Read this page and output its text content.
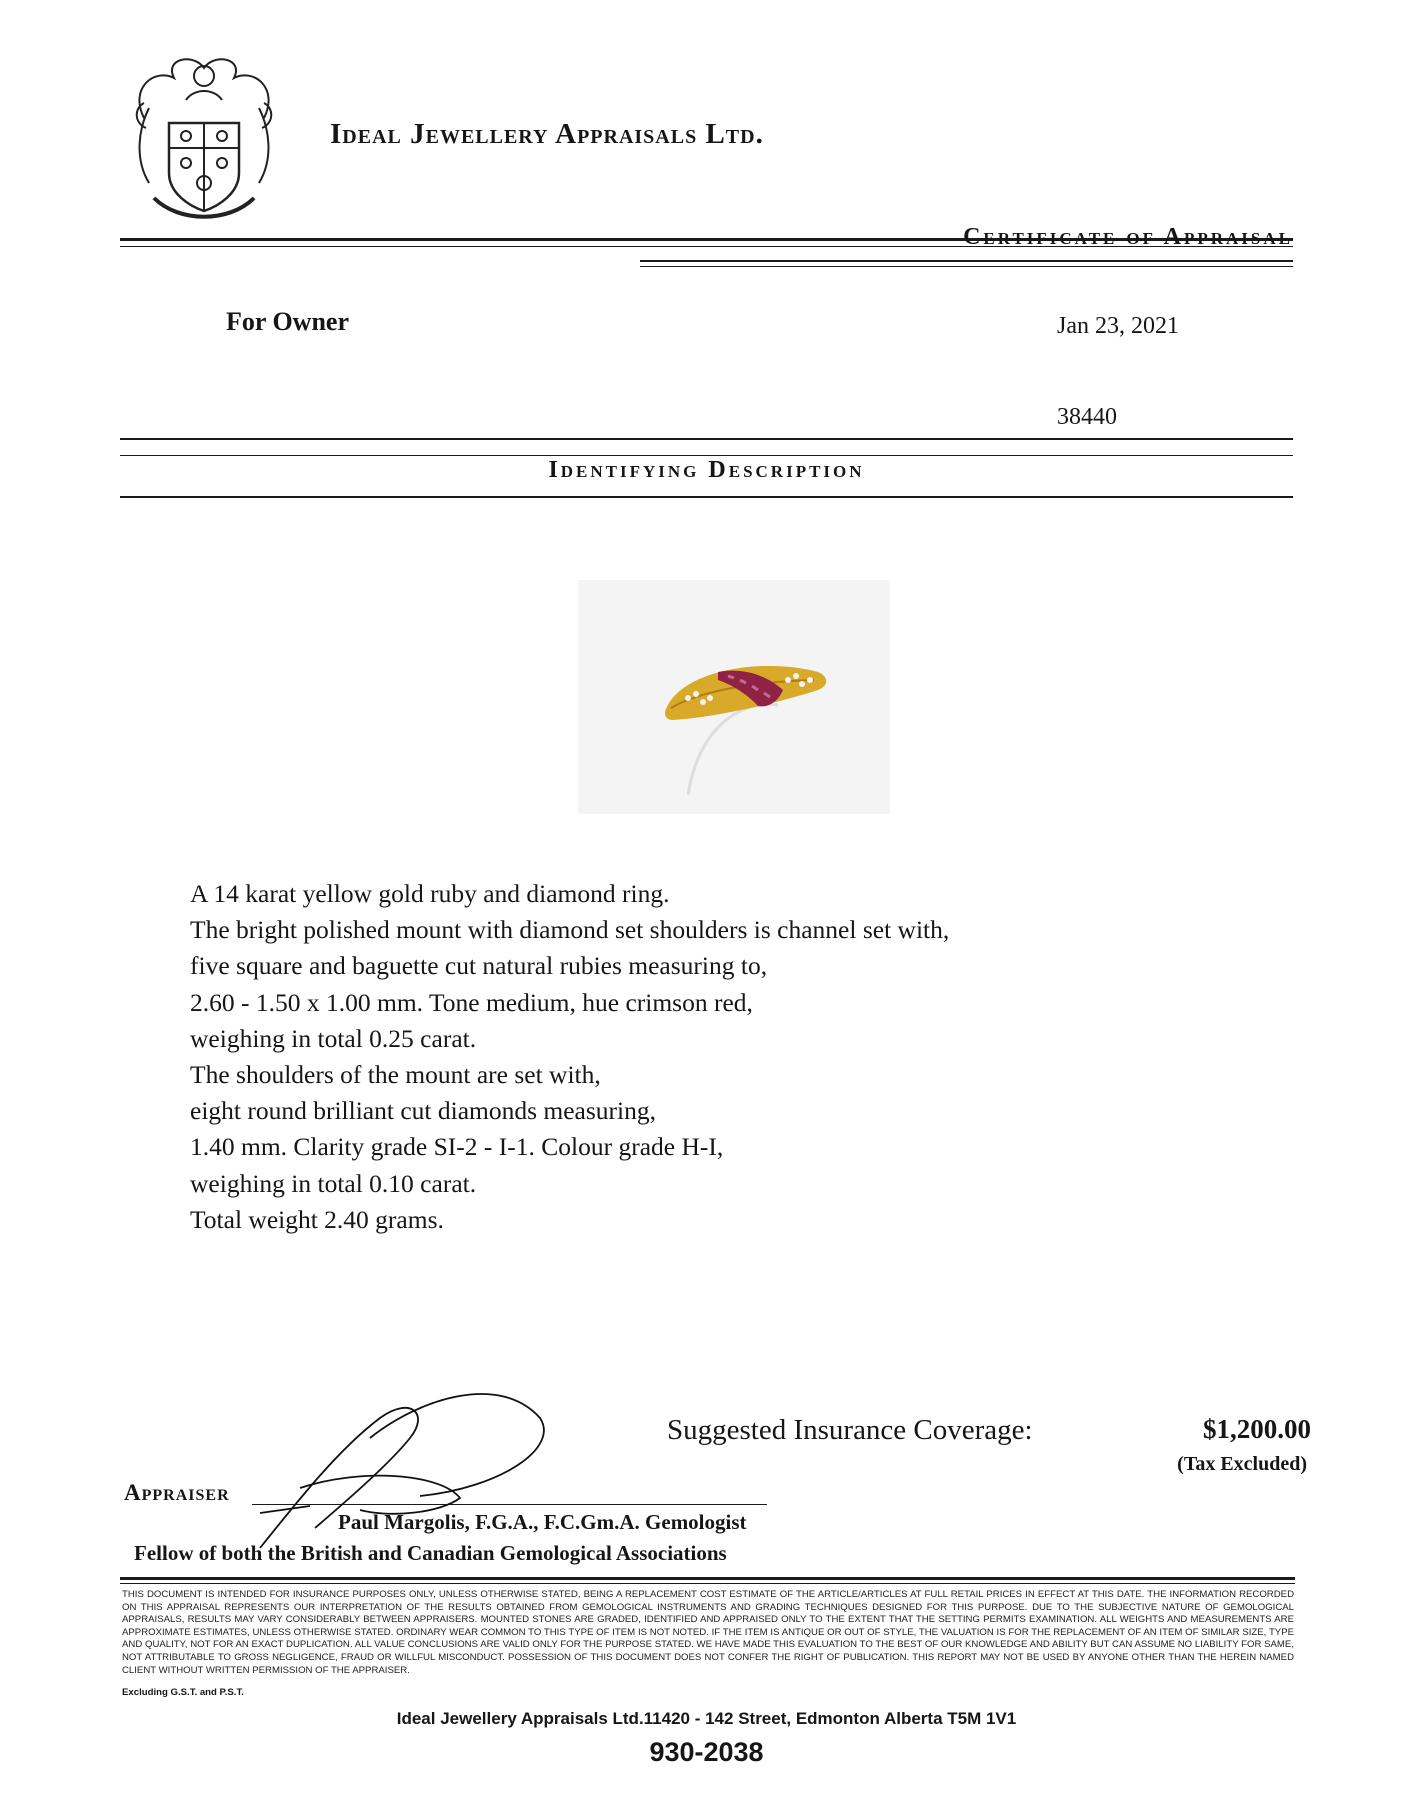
Ideal Jewellery Appraisals Ltd.
Certificate of Appraisal
For Owner	Jan 23, 2021
38440
Identifying Description
A 14 karat yellow gold ruby and diamond ring.
The bright polished mount with diamond set shoulders is channel set with,
five square and baguette cut natural rubies measuring to,
2.60 - 1.50 x 1.00 mm. Tone medium, hue crimson red,
weighing in total 0.25 carat.
The shoulders of the mount are set with,
eight round brilliant cut diamonds measuring,
1.40 mm. Clarity grade SI-2 - I-1. Colour grade H-I,
weighing in total 0.10 carat.
Total weight 2.40 grams.
Suggested Insurance Coverage:	$1,200.00
(Tax Excluded)
Appraiser
Paul Margolis, F.G.A., F.C.Gm.A. Gemologist
Fellow of both the British and Canadian Gemological Associations
THIS DOCUMENT IS INTENDED FOR INSURANCE PURPOSES ONLY, UNLESS OTHERWISE STATED, BEING A REPLACEMENT COST ESTIMATE OF THE ARTICLE/ARTICLES AT FULL RETAIL PRICES IN EFFECT AT THIS DATE. THE INFORMATION RECORDED ON THIS APPRAISAL REPRESENTS OUR INTERPRETATION OF THE RESULTS OBTAINED FROM GEMOLOGICAL INSTRUMENTS AND GRADING TECHNIQUES DESIGNED FOR THIS PURPOSE. DUE TO THE SUBJECTIVE NATURE OF GEMOLOGICAL APPRAISALS, RESULTS MAY VARY CONSIDERABLY BETWEEN APPRAISERS. MOUNTED STONES ARE GRADED, IDENTIFIED AND APPRAISED ONLY TO THE EXTENT THAT THE SETTING PERMITS EXAMINATION. ALL WEIGHTS AND MEASUREMENTS ARE APPROXIMATE ESTIMATES, UNLESS OTHERWISE STATED. ORDINARY WEAR COMMON TO THIS TYPE OF ITEM IS NOT NOTED. IF THE ITEM IS ANTIQUE OR OUT OF STYLE, THE VALUATION IS FOR THE REPLACEMENT OF AN ITEM OF SIMILAR SIZE, TYPE AND QUALITY, NOT FOR AN EXACT DUPLICATION. ALL VALUE CONCLUSIONS ARE VALID ONLY FOR THE PURPOSE STATED. WE HAVE MADE THIS EVALUATION TO THE BEST OF OUR KNOWLEDGE AND ABILITY BUT CAN ASSUME NO LIABILITY FOR SAME, NOT ATTRIBUTABLE TO GROSS NEGLIGENCE, FRAUD OR WILLFUL MISCONDUCT. POSSESSION OF THIS DOCUMENT DOES NOT CONFER THE RIGHT OF PUBLICATION. THIS REPORT MAY NOT BE USED BY ANYONE OTHER THAN THE HEREIN NAMED CLIENT WITHOUT WRITTEN PERMISSION OF THE APPRAISER.
Excluding G.S.T. and P.S.T.
Ideal Jewellery Appraisals Ltd.11420 - 142 Street, Edmonton Alberta T5M 1V1
930-2038
